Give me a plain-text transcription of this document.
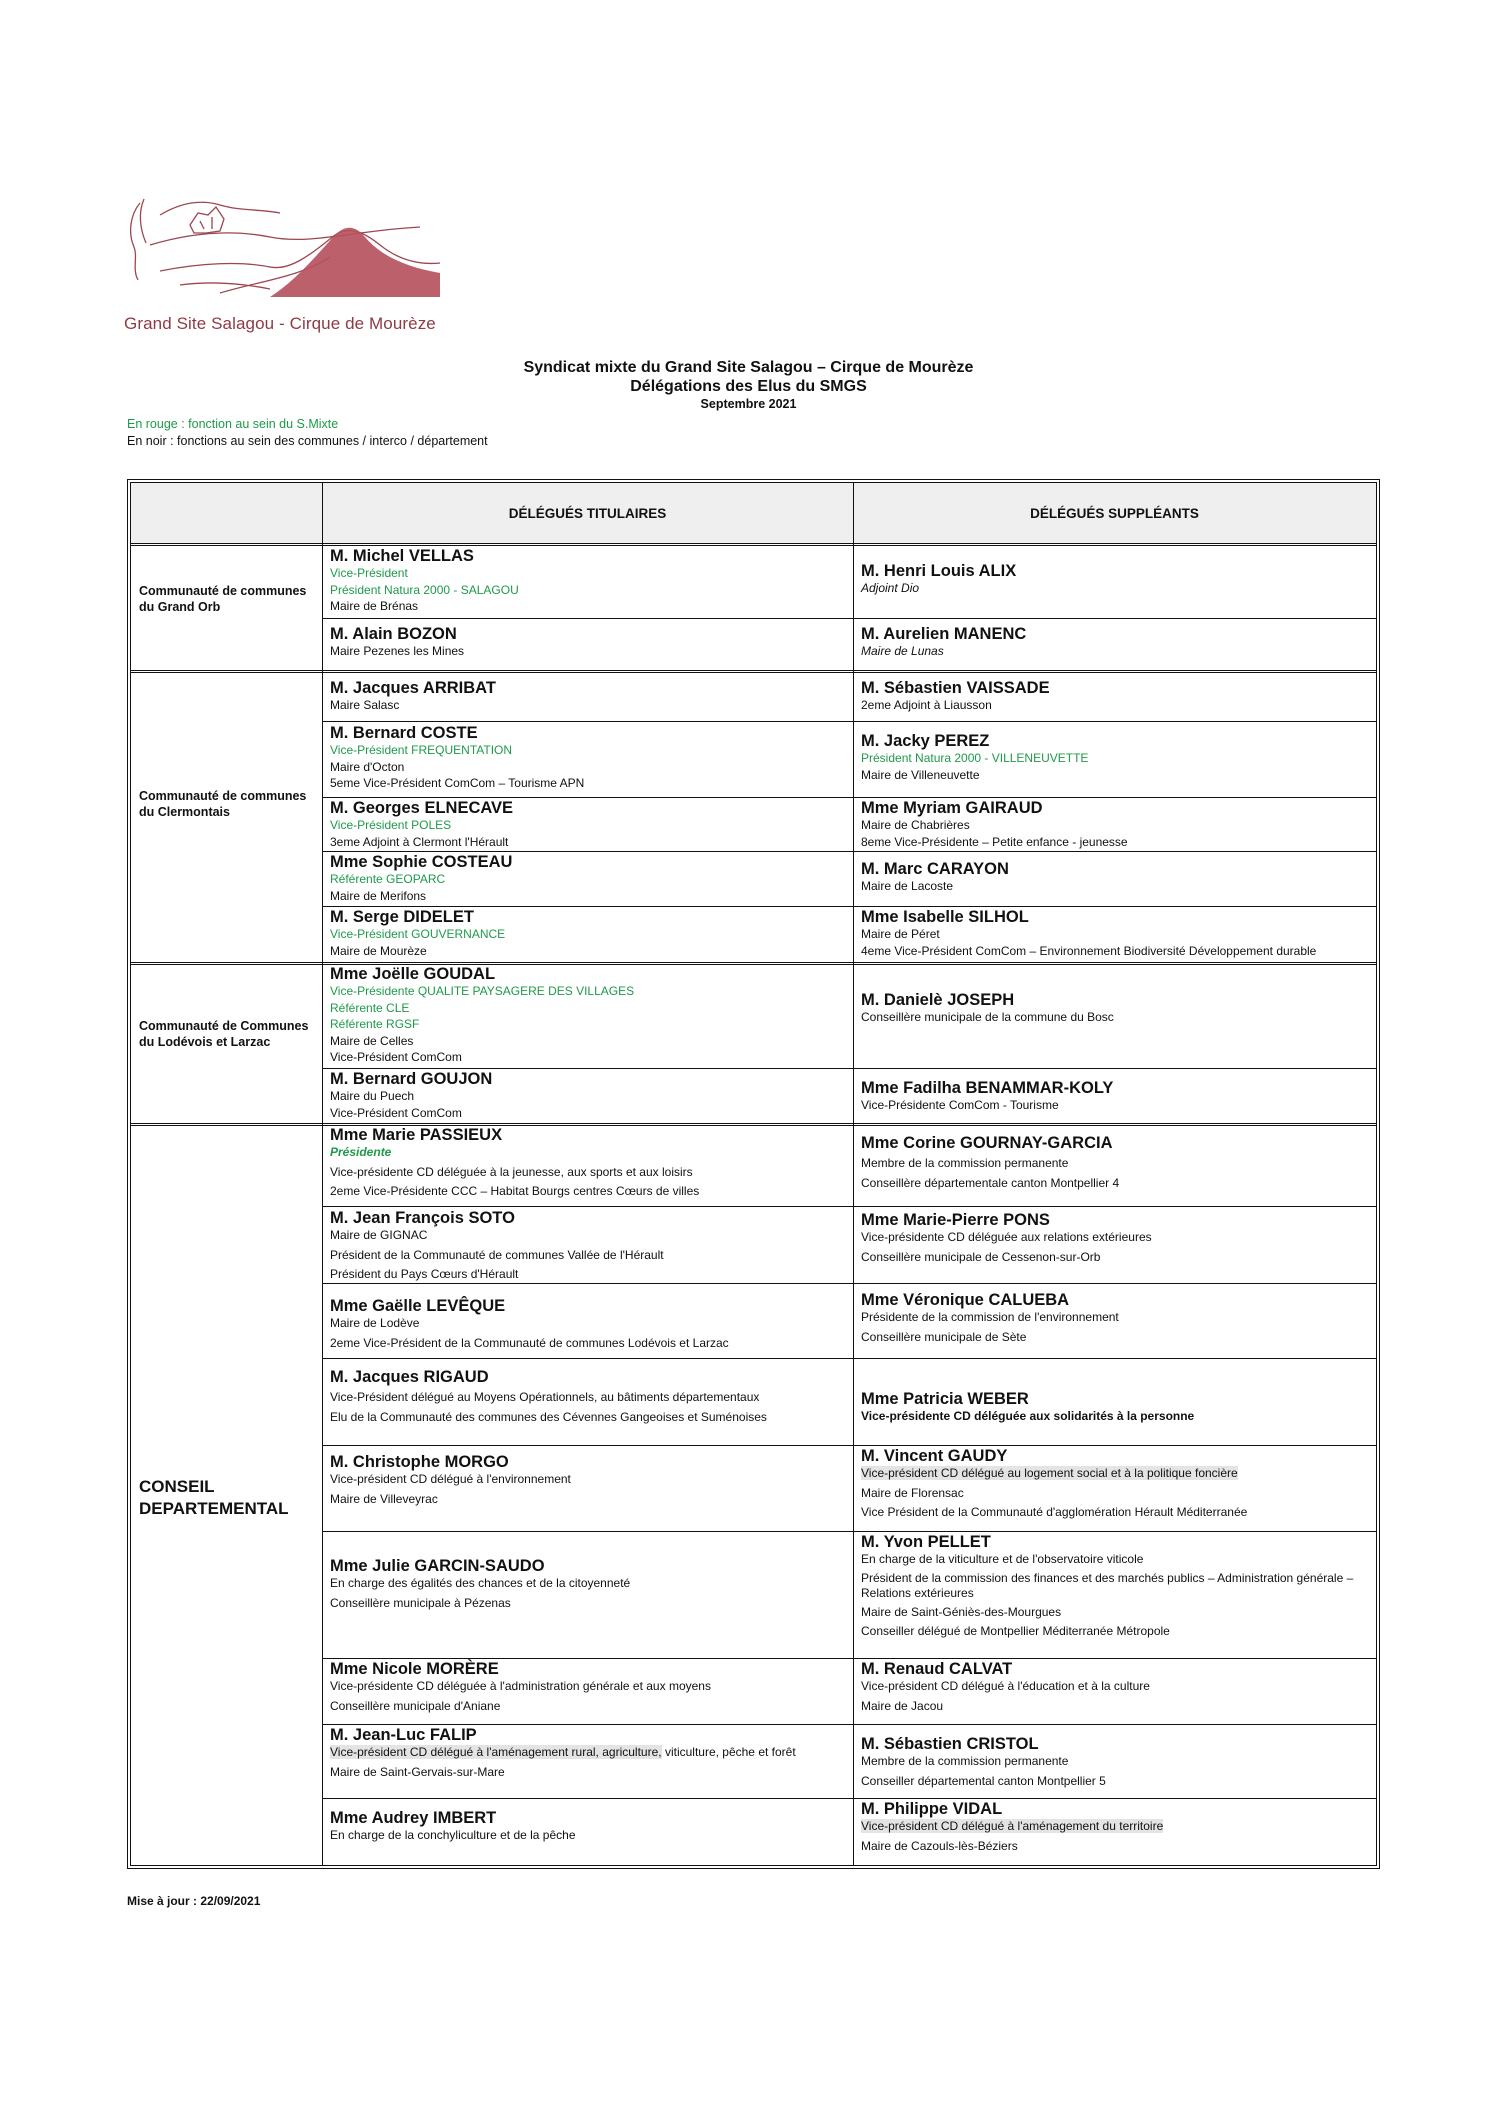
Grand Site Salagou - Cirque de Mourèze
Syndicat mixte du Grand Site Salagou – Cirque de Mourèze
Délégations des Elus du SMGS
Septembre 2021
En rouge : fonction au sein du S.Mixte
En noir : fonctions au sein des communes / interco / département
DÉLÉGUÉS TITULAIRES	DÉLÉGUÉS SUPPLÉANTS
Communauté de communes du Grand Orb
Communauté de communes du Clermontais
Communauté de Communes du Lodévois et Larzac
CONSEIL DEPARTEMENTAL
M. Michel VELLAS
Vice-Président
Président Natura 2000 - SALAGOU
Maire de Brénas
M. Henri Louis ALIX
Adjoint Dio
M. Alain BOZON
Maire Pezenes les Mines
M. Aurelien MANENC
Maire de Lunas
M. Jacques ARRIBAT
Maire Salasc
M. Sébastien VAISSADE
2eme Adjoint à Liausson
M. Bernard COSTE
Vice-Président FREQUENTATION
Maire d'Octon
5eme Vice-Président ComCom – Tourisme APN
M. Jacky PEREZ
Président Natura 2000 - VILLENEUVETTE
Maire de Villeneuvette
M. Georges ELNECAVE
Vice-Président POLES
3eme Adjoint à Clermont l'Hérault
Mme Myriam GAIRAUD
Maire de Chabrières
8eme Vice-Présidente – Petite enfance - jeunesse
Mme Sophie COSTEAU
Référente GEOPARC
Maire de Merifons
M. Marc CARAYON
Maire de Lacoste
M. Serge DIDELET
Vice-Président GOUVERNANCE
Maire de Mourèze
Mme Isabelle SILHOL
Maire de Péret
4eme Vice-Président ComCom – Environnement Biodiversité Développement durable
Mme Joëlle GOUDAL
Vice-Présidente QUALITE PAYSAGERE DES VILLAGES
Référente CLE
Référente RGSF
Maire de Celles
Vice-Président ComCom
M. Danielè JOSEPH
Conseillère municipale de la commune du Bosc
M. Bernard GOUJON
Maire du Puech
Vice-Président ComCom
Mme Fadilha BENAMMAR-KOLY
Vice-Présidente ComCom - Tourisme
Mme Marie PASSIEUX
Présidente
Vice-présidente CD déléguée à la jeunesse, aux sports et aux loisirs
2eme Vice-Présidente CCC – Habitat Bourgs centres Cœurs de villes
Mme Corine GOURNAY-GARCIA
Membre de la commission permanente
Conseillère départementale canton Montpellier 4
M. Jean François SOTO
Maire de GIGNAC
Président de la Communauté de communes Vallée de l'Hérault
Président du Pays Cœurs d'Hérault
Mme Marie-Pierre PONS
Vice-présidente CD déléguée aux relations extérieures
Conseillère municipale de Cessenon-sur-Orb
Mme Gaëlle LEVÊQUE
Maire de Lodève
2eme Vice-Président de la Communauté de communes Lodévois et Larzac
Mme Véronique CALUEBA
Présidente de la commission de l'environnement
Conseillère municipale de Sète
M. Jacques RIGAUD
Vice-Président délégué au Moyens Opérationnels, au bâtiments départementaux
Elu de la Communauté des communes des Cévennes Gangeoises et Suménoises
Mme Patricia WEBER
Vice-présidente CD déléguée aux solidarités à la personne
M. Christophe MORGO
Vice-président CD délégué à l'environnement
Maire de Villeveyrac
M. Vincent GAUDY
Vice-président CD délégué au logement social et à la politique foncière
Maire de Florensac
Vice Président de la Communauté d'agglomération Hérault Méditerranée
Mme Julie GARCIN-SAUDO
En charge des égalités des chances et de la citoyenneté
Conseillère municipale à Pézenas
M. Yvon PELLET
En charge de la viticulture et de l'observatoire viticole
Président de la commission des finances et des marchés publics – Administration générale – Relations extérieures
Maire de Saint-Géniès-des-Mourgues
Conseiller délégué de Montpellier Méditerranée Métropole
Mme Nicole MORÈRE
Vice-présidente CD déléguée à l'administration générale et aux moyens
Conseillère municipale d'Aniane
M. Renaud CALVAT
Vice-président CD délégué à l'éducation et à la culture
Maire de Jacou
M. Jean-Luc FALIP
Vice-président CD délégué à l'aménagement rural, agriculture, viticulture, pêche et forêt
Maire de Saint-Gervais-sur-Mare
M. Sébastien CRISTOL
Membre de la commission permanente
Conseiller départemental canton Montpellier 5
Mme Audrey IMBERT
En charge de la conchyliculture et de la pêche
M. Philippe VIDAL
Vice-président CD délégué à l'aménagement du territoire
Maire de Cazouls-lès-Béziers
Mise à jour : 22/09/2021
